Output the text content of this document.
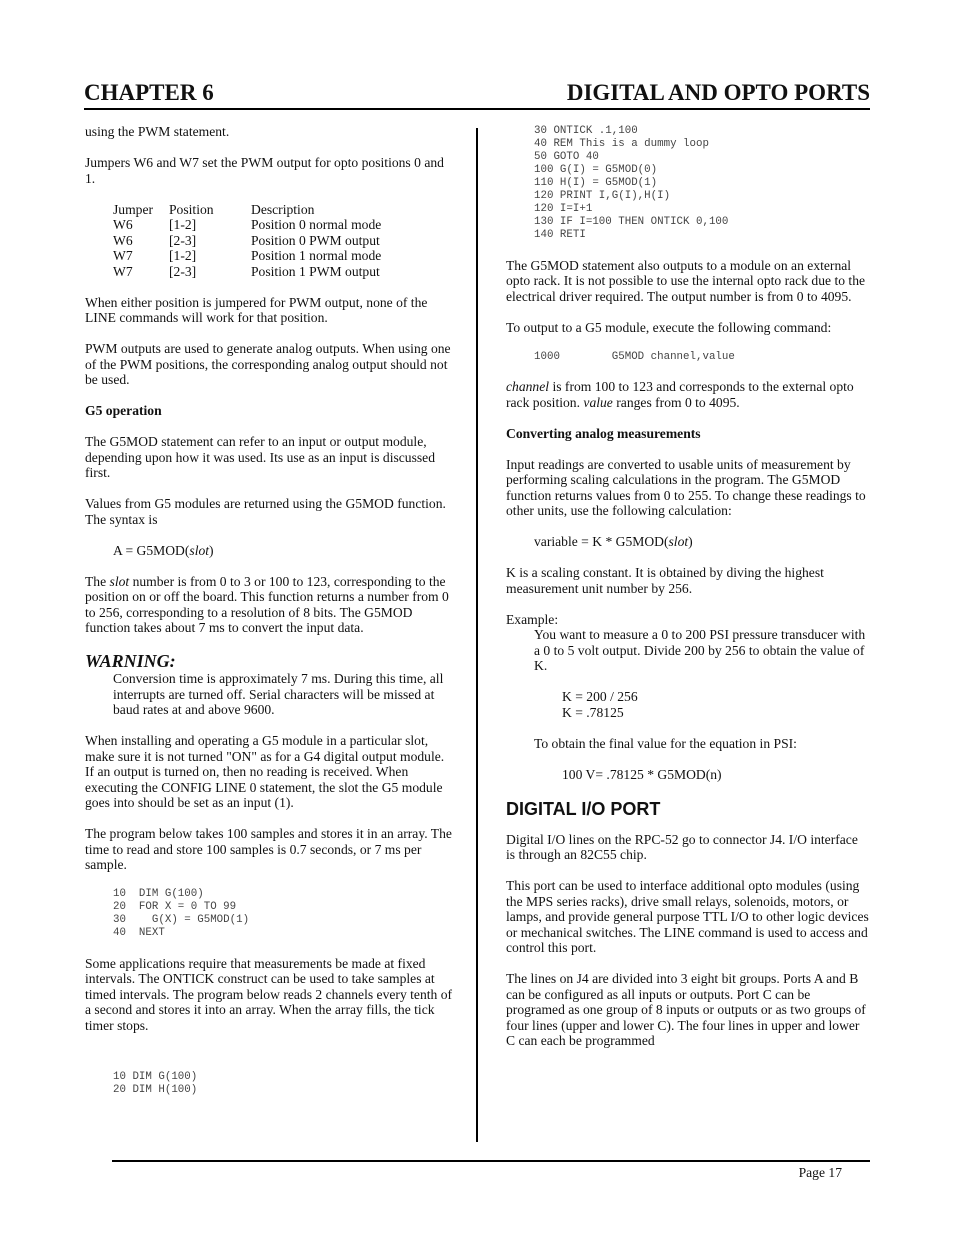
CHAPTER 6	DIGITAL AND OPTO PORTS

using the PWM statement.

Jumpers W6 and W7 set the PWM output for opto positions 0 and 1.

Jumper	Position	Description
W6	[1-2]	Position 0 normal mode
W6	[2-3]	Position 0 PWM output
W7	[1-2]	Position 1 normal mode
W7	[2-3]	Position 1 PWM output

When either position is jumpered for PWM output, none of the LINE commands will work for that position.

PWM outputs are used to generate analog outputs. When using one of the PWM positions, the corresponding analog output should not be used.

G5 operation

The G5MOD statement can refer to an input or output module, depending upon how it was used. Its use as an input is discussed first.

Values from G5 modules are returned using the G5MOD function. The syntax is

A = G5MOD(slot)

The slot number is from 0 to 3 or 100 to 123, corresponding to the position on or off the board. This function returns a number from 0 to 256, corresponding to a resolution of 8 bits. The G5MOD function takes about 7 ms to convert the input data.

WARNING:

Conversion time is approximately 7 ms. During this time, all interrupts are turned off. Serial characters will be missed at baud rates at and above 9600.

When installing and operating a G5 module in a particular slot, make sure it is not turned "ON" as for a G4 digital output module. If an output is turned on, then no reading is received. When executing the CONFIG LINE 0 statement, the slot the G5 module goes into should be set as an input (1).

The program below takes 100 samples and stores it in an array. The time to read and store 100 samples is 0.7 seconds, or 7 ms per sample.

10  DIM G(100)
20  FOR X = 0 TO 99
30    G(X) = G5MOD(1)
40  NEXT

Some applications require that measurements be made at fixed intervals. The ONTICK construct can be used to take samples at timed intervals. The program below reads 2 channels every tenth of a second and stores it into an array. When the array fills, the tick timer stops.

10 DIM G(100)
20 DIM H(100)
30 ONTICK .1,100
40 REM This is a dummy loop
50 GOTO 40
100 G(I) = G5MOD(0)
110 H(I) = G5MOD(1)
120 PRINT I,G(I),H(I)
120 I=I+1
130 IF I=100 THEN ONTICK 0,100
140 RETI

The G5MOD statement also outputs to a module on an external opto rack. It is not possible to use the internal opto rack due to the electrical driver required. The output number is from 0 to 4095.

To output to a G5 module, execute the following command:

1000        G5MOD channel,value

channel is from 100 to 123 and corresponds to the external opto rack position. value ranges from 0 to 4095.

Converting analog measurements

Input readings are converted to usable units of measurement by performing scaling calculations in the program. The G5MOD function returns values from 0 to 255. To change these readings to other units, use the following calculation:

variable = K * G5MOD(slot)

K is a scaling constant. It is obtained by diving the highest measurement unit number by 256.

Example:

You want to measure a 0 to 200 PSI pressure transducer with a 0 to 5 volt output. Divide 200 by 256 to obtain the value of K.

K = 200 / 256

K = .78125

To obtain the final value for the equation in PSI:

100 V= .78125 * G5MOD(n)

DIGITAL I/O PORT

Digital I/O lines on the RPC-52 go to connector J4. I/O interface is through an 82C55 chip.

This port can be used to interface additional opto modules (using the MPS series racks), drive small relays, solenoids, motors, or lamps, and provide general purpose TTL I/O to other logic devices or mechanical switches. The LINE command is used to access and control this port.

The lines on J4 are divided into 3 eight bit groups. Ports A and B can be configured as all inputs or outputs. Port C can be programed as one group of 8 inputs or outputs or as two groups of four lines (upper and lower C). The four lines in upper and lower C can each be programmed

Page 17
